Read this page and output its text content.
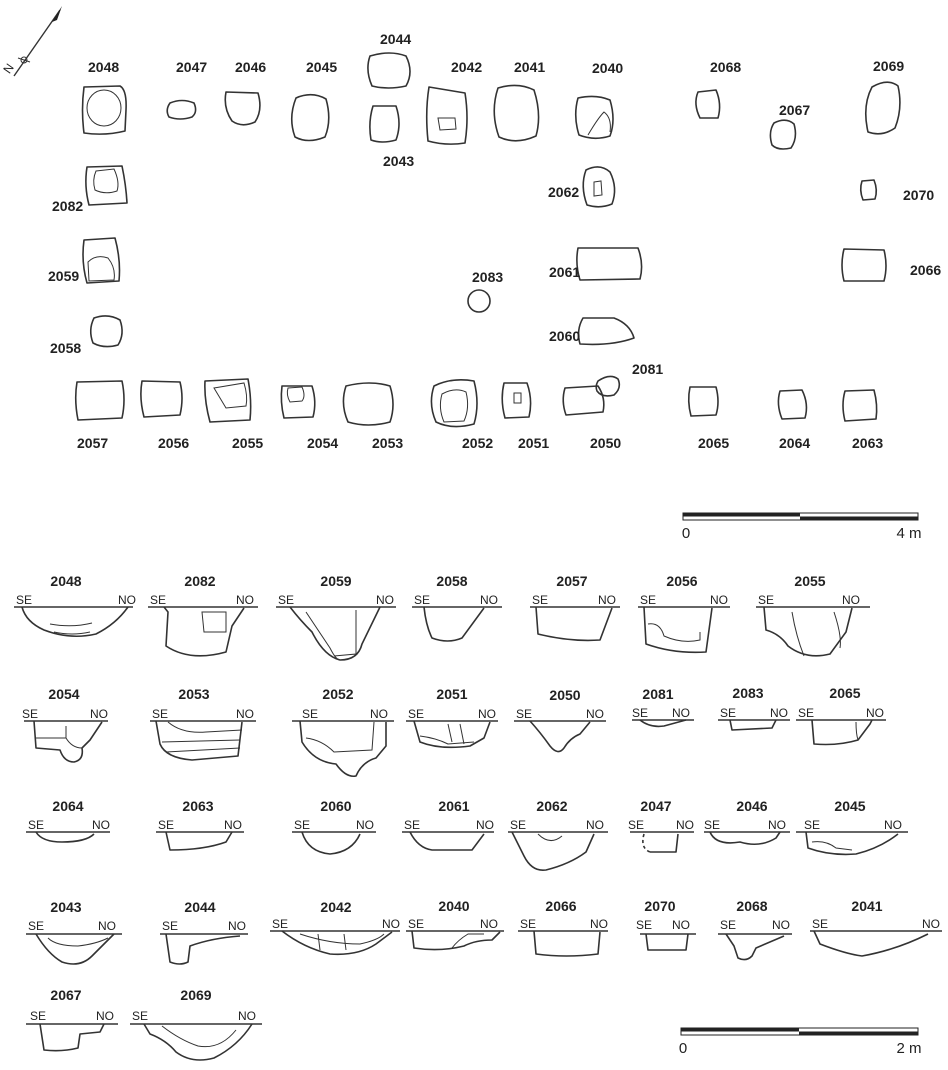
N	2048	2047 2046	2045
2044
2043
2042 2041	2040	2068
2067
2069
2082
2062	2070
2059	2083	2061	2066
2058
2060
2081
2057	2056	2055	2054 2053	2052 2051	2050	2065	2064	2063
0	4 m
SE	NO
2048
SE	NO
2082
SE	NO
2059
SE	NO
2058
SE	NO
2057
SE	NO
2056
SE	NO
2055
SE	NO
2054
SE	NO
2053
SE	NO
2052
SE	NO
2051
SE	NO
2050
SE NO
2081
SE	NO
2083
SE	NO
2065
SE	NO
2064
SE	NO
2063
SE	NO
2060
SE	NO
2061
SE	NO
2062
SE	NO
2047
SE	NO
2046
SE	NO
2045
SE	NO
2043
SE	NO
2044
SE	NO
2042
SE	NO
2040
SE	NO
2066
SE NO
2070
SE	NO
2068
SE	NO
2041
SE	NO
2067
SE	NO
2069
0	2 m
